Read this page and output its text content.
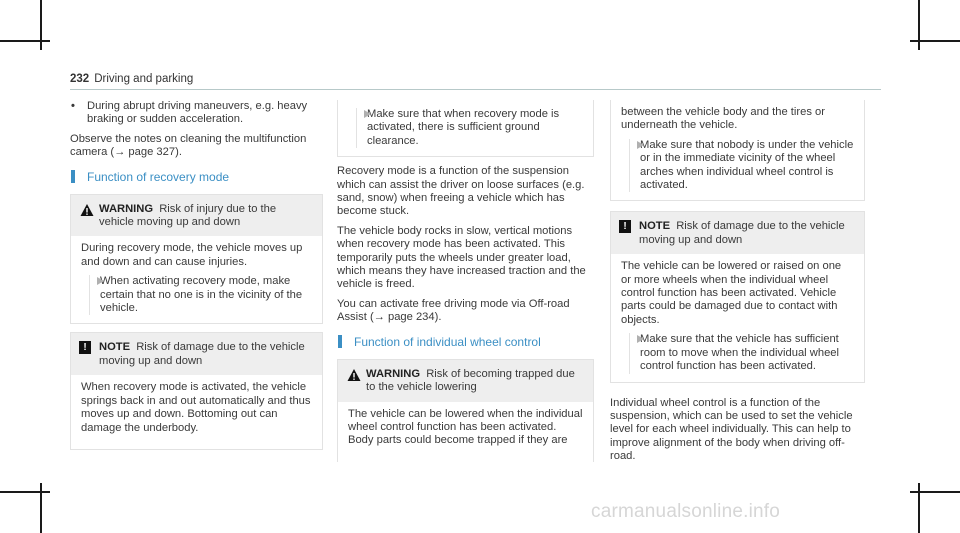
232 Driving and parking
• During abrupt driving maneuvers, e.g. heavy braking or sudden acceleration.
Observe the notes on cleaning the multifunction camera (→ page 327).
Function of recovery mode
WARNING Risk of injury due to the vehicle moving up and down
During recovery mode, the vehicle moves up and down and can cause injuries.
When activating recovery mode, make certain that no one is in the vicinity of the vehicle.
!	NOTE Risk of damage due to the vehicle moving up and down
When recovery mode is activated, the vehicle springs back in and out automatically and thus moves up and down. Bottoming out can damage the underbody.
Make sure that when recovery mode is activated, there is sufficient ground clearance.
Recovery mode is a function of the suspension which can assist the driver on loose surfaces (e.g. sand, snow) when freeing a vehicle which has become stuck.
The vehicle body rocks in slow, vertical motions when recovery mode has been activated. This temporarily puts the wheels under greater load, which means they have increased traction and the vehicle is freed.
You can activate free driving mode via Off-road Assist (→ page 234).
Function of individual wheel control
WARNING Risk of becoming trapped due to the vehicle lowering
The vehicle can be lowered when the individual wheel control function has been activated. Body parts could become trapped if they are
between the vehicle body and the tires or underneath the vehicle.
Make sure that nobody is under the vehicle or in the immediate vicinity of the wheel arches when individual wheel control is activated.
!	NOTE Risk of damage due to the vehicle moving up and down
The vehicle can be lowered or raised on one or more wheels when the individual wheel control function has been activated. Vehicle parts could be damaged due to contact with objects.
Make sure that the vehicle has sufficient room to move when the individual wheel control function has been activated.
Individual wheel control is a function of the suspension, which can be used to set the vehicle level for each wheel individually. This can help to improve alignment of the body when driving off-road.
carmanualsonline.info
